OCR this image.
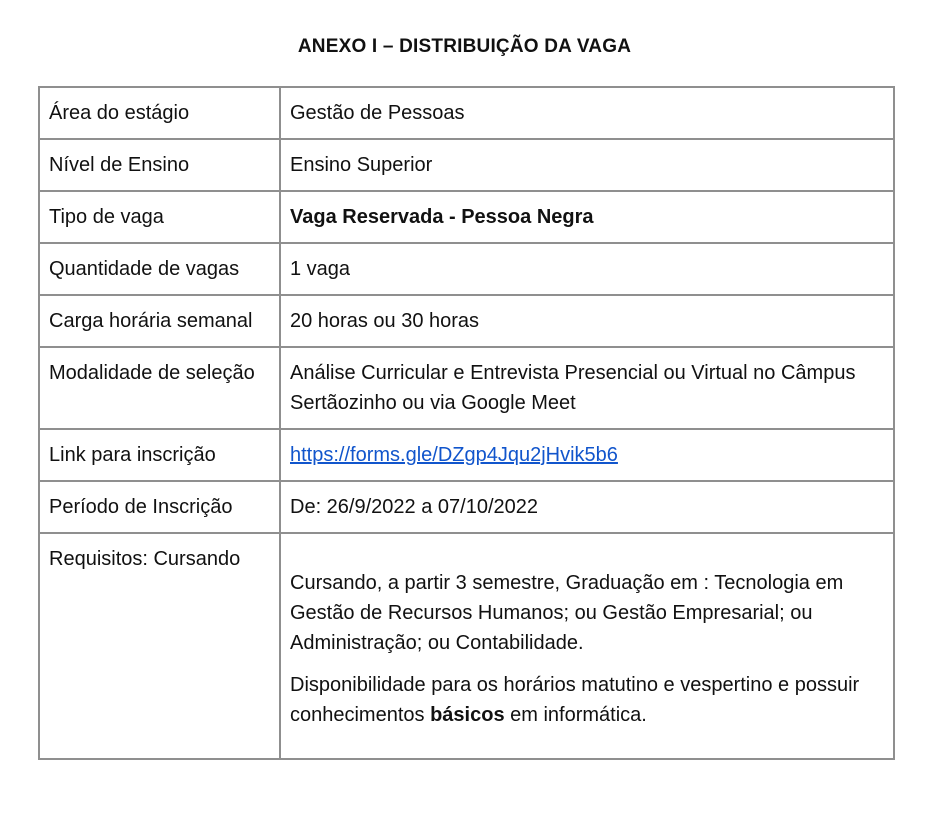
ANEXO I – DISTRIBUIÇÃO DA VAGA
Área do estágio	Gestão de Pessoas
Nível de Ensino	Ensino Superior
Tipo de vaga	Vaga Reservada - Pessoa Negra
Quantidade de vagas	1 vaga
Carga horária semanal	20 horas ou 30 horas
Modalidade de seleção	Análise Curricular e Entrevista Presencial ou Virtual no Câmpus Sertãozinho ou via Google Meet
Link para inscrição	https://forms.gle/DZgp4Jqu2jHvik5b6
Período de Inscrição	De: 26/9/2022 a 07/10/2022
Requisitos: Cursando	Cursando, a partir 3 semestre, Graduação em : Tecnologia em Gestão de Recursos Humanos; ou Gestão Empresarial; ou Administração; ou Contabilidade.
Disponibilidade para os horários matutino e vespertino e possuir conhecimentos básicos em informática.
